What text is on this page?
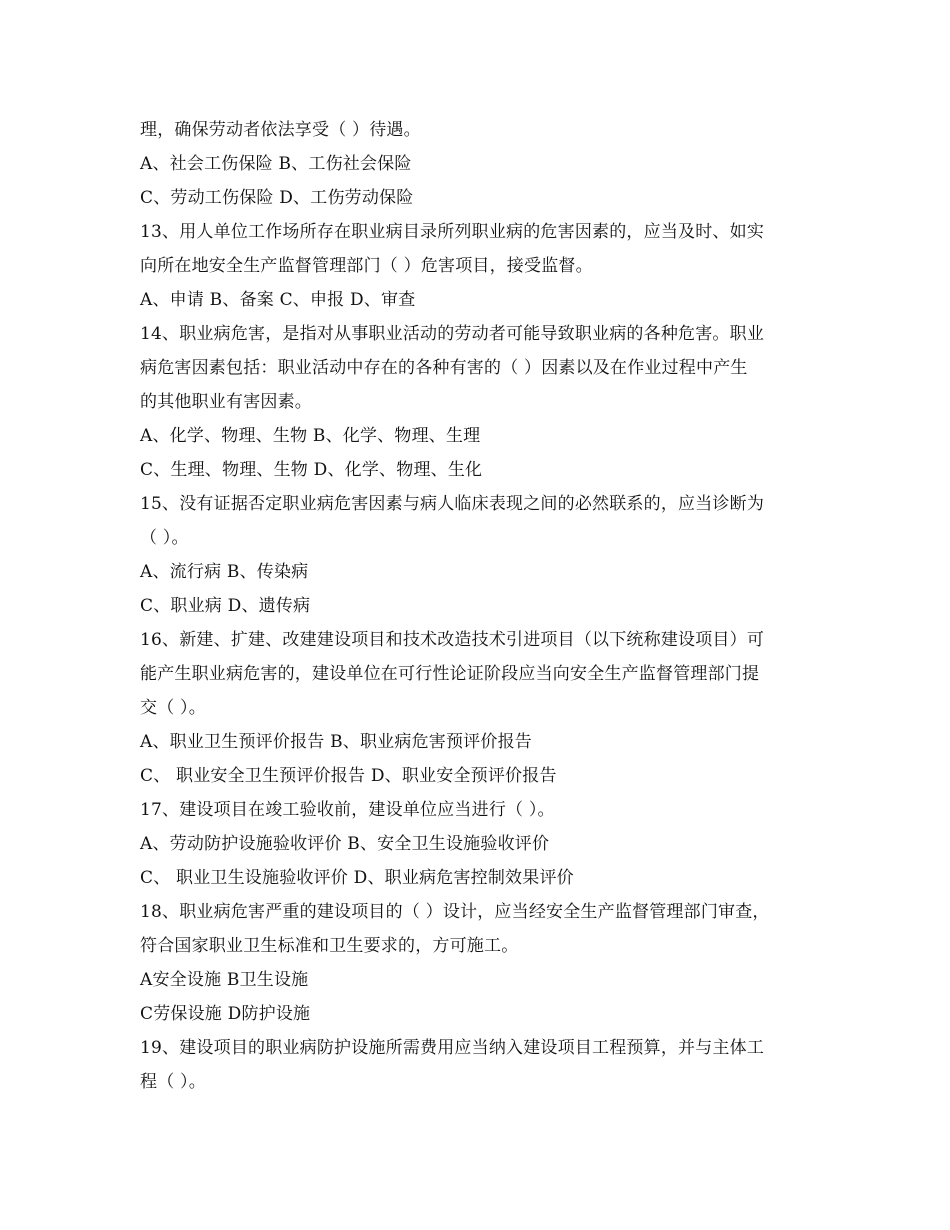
理，确保劳动者依法享受（ ）待遇。
A、社会工伤保险 B、工伤社会保险
C、劳动工伤保险 D、工伤劳动保险
13、用人单位工作场所存在职业病目录所列职业病的危害因素的，应当及时、如实
向所在地安全生产监督管理部门（ ）危害项目，接受监督。
A、申请 B、备案 C、申报 D、审查
14、职业病危害，是指对从事职业活动的劳动者可能导致职业病的各种危害。职业
病危害因素包括：职业活动中存在的各种有害的（ ）因素以及在作业过程中产生
的其他职业有害因素。
A、化学、物理、生物 B、化学、物理、生理
C、生理、物理、生物 D、化学、物理、生化
15、没有证据否定职业病危害因素与病人临床表现之间的必然联系的，应当诊断为
（ ）。
A、流行病 B、传染病
C、职业病 D、遗传病
16、新建、扩建、改建建设项目和技术改造技术引进项目（以下统称建设项目）可
能产生职业病危害的，建设单位在可行性论证阶段应当向安全生产监督管理部门提
交（ ）。
A、职业卫生预评价报告 B、职业病危害预评价报告
C、 职业安全卫生预评价报告 D、职业安全预评价报告
17、建设项目在竣工验收前，建设单位应当进行（ ）。
A、劳动防护设施验收评价 B、安全卫生设施验收评价
C、 职业卫生设施验收评价 D、职业病危害控制效果评价
18、职业病危害严重的建设项目的（ ）设计，应当经安全生产监督管理部门审查，
符合国家职业卫生标准和卫生要求的，方可施工。
A安全设施 B卫生设施
C劳保设施 D防护设施
19、建设项目的职业病防护设施所需费用应当纳入建设项目工程预算，并与主体工
程（ ）。
